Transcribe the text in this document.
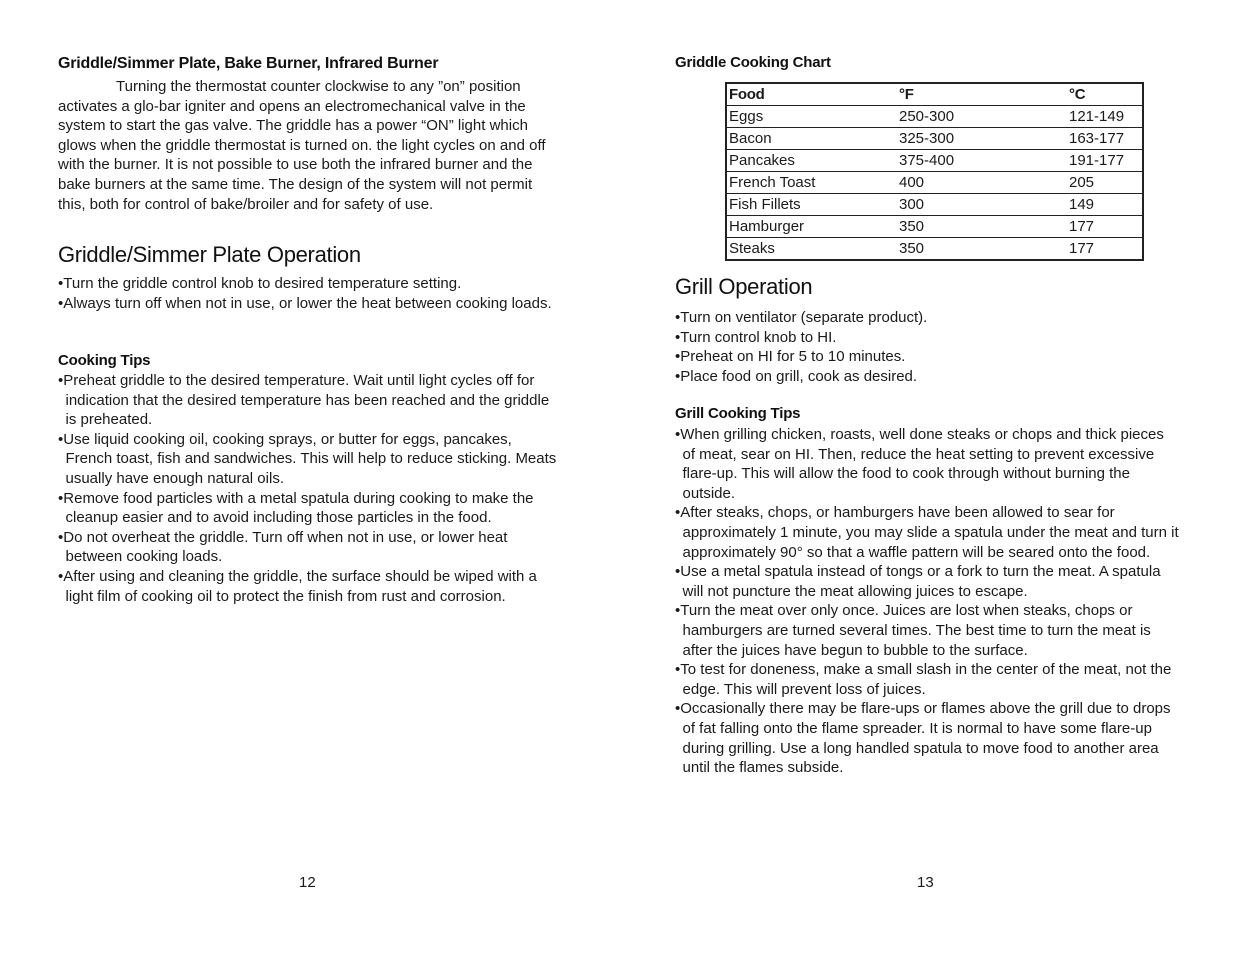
Griddle/Simmer Plate, Bake Burner, Infrared Burner

Turning the thermostat counter clockwise to any ”on” position activates a glo-bar igniter and opens an electromechanical valve in the system to start the gas valve. The griddle has a power “ON” light which glows when the griddle thermostat is turned on. the light cycles on and off with the burner. It is not possible to use both the infrared burner and the bake burners at the same time. The design of the system will not permit this, both for control of bake/broiler and for safety of use.

Griddle/Simmer Plate Operation
• Turn the griddle control knob to desired temperature setting.
• Always turn off when not in use, or lower the heat between cooking loads.
Cooking Tips
• Preheat griddle to the desired temperature. Wait until light cycles off for indication that the desired temperature has been reached and the griddle is preheated.
• Use liquid cooking oil, cooking sprays, or butter for eggs, pancakes, French toast, fish and sandwiches. This will help to reduce sticking. Meats usually have enough natural oils.
• Remove food particles with a metal spatula during cooking to make the cleanup easier and to avoid including those particles in the food.
• Do not overheat the griddle. Turn off when not in use, or lower heat between cooking loads.
• After using and cleaning the griddle, the surface should be wiped with a light film of cooking oil to protect the finish from rust and corrosion.
12
Griddle Cooking Chart
Food	°F	°C
Eggs	250-300	121-149
Bacon	325-300	163-177
Pancakes	375-400	191-177
French Toast	400	205
Fish Fillets	300	149
Hamburger	350	177
Steaks	350	177
Grill Operation
• Turn on ventilator (separate product).
• Turn control knob to HI.
• Preheat on HI for 5 to 10 minutes.
• Place food on grill, cook as desired.
Grill Cooking Tips
• When grilling chicken, roasts, well done steaks or chops and thick pieces of meat, sear on HI. Then, reduce the heat setting to prevent excessive flare-up. This will allow the food to cook through without burning the outside.
• After steaks, chops, or hamburgers have been allowed to sear for approximately 1 minute, you may slide a spatula under the meat and turn it approximately 90° so that a waffle pattern will be seared onto the food.
• Use a metal spatula instead of tongs or a fork to turn the meat. A spatula will not puncture the meat allowing juices to escape.
• Turn the meat over only once. Juices are lost when steaks, chops or hamburgers are turned several times. The best time to turn the meat is after the juices have begun to bubble to the surface.
• To test for doneness, make a small slash in the center of the meat, not the edge. This will prevent loss of juices.
• Occasionally there may be flare-ups or flames above the grill due to drops of fat falling onto the flame spreader. It is normal to have some flare-up during grilling. Use a long handled spatula to move food to another area until the flames subside.
13
